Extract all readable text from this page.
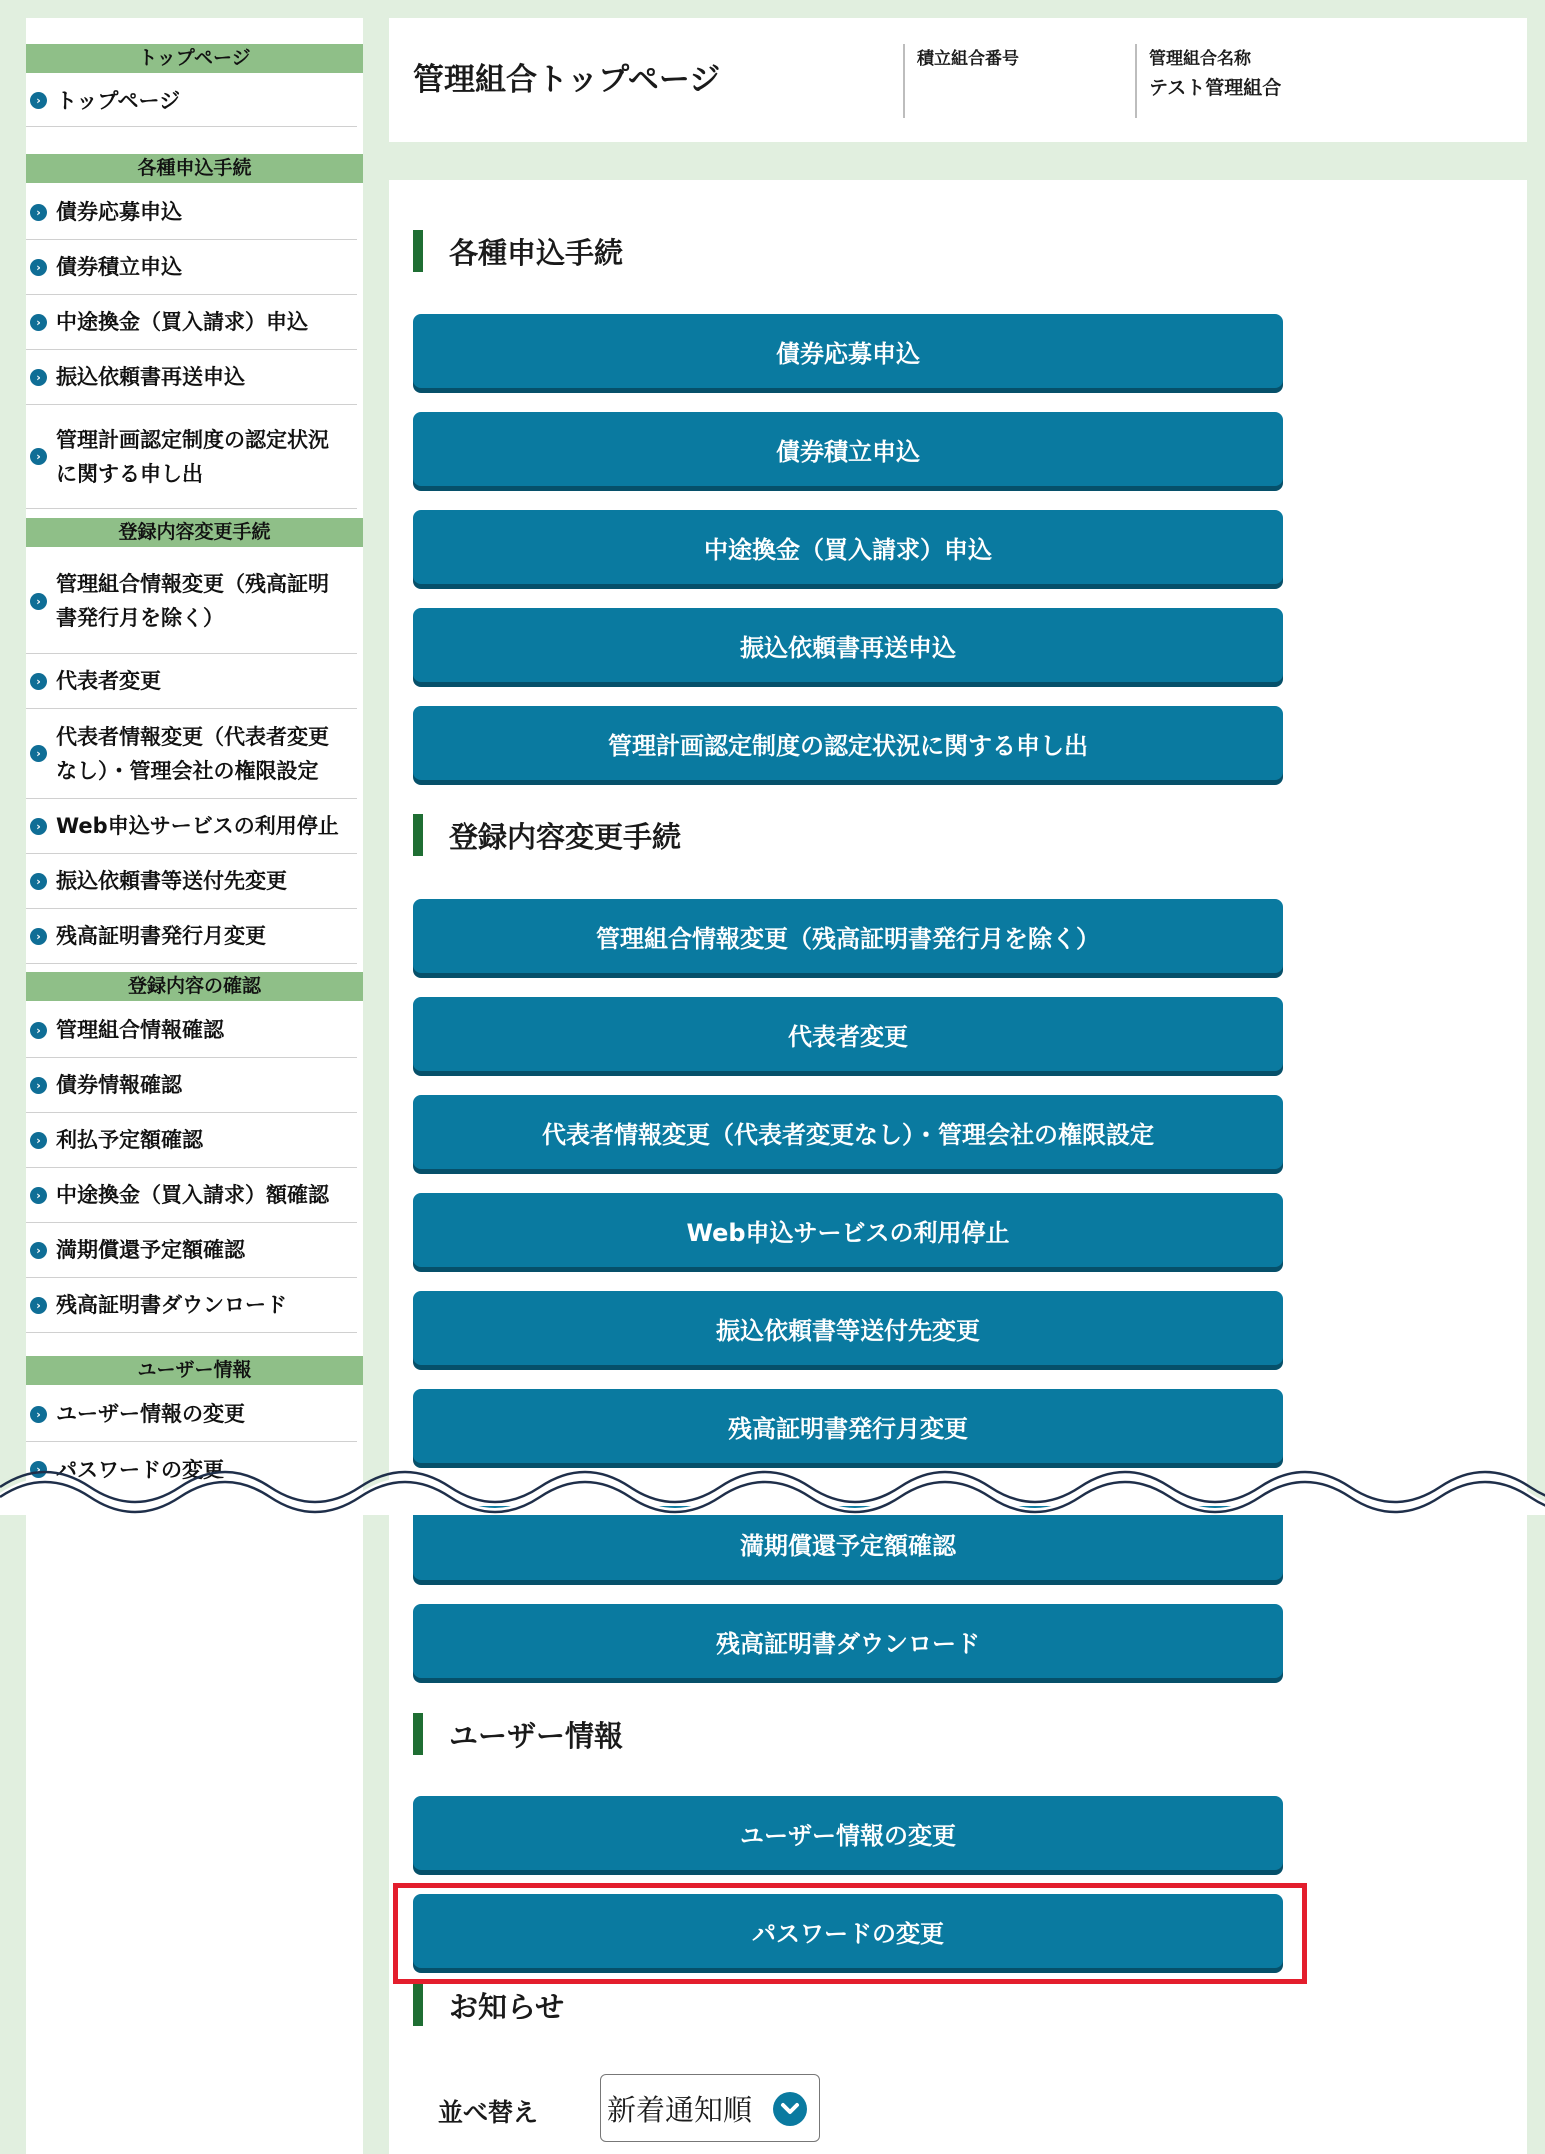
トップページ
› トップページ
各種申込手続
› 債券応募申込
› 債券積立申込
› 中途換金（買入請求）申込
› 振込依頼書再送申込
›
管理計画認定制度の認定状況
に関する申し出
登録内容変更手続
›
管理組合情報変更（残高証明
書発行月を除く）
› 代表者変更
›
代表者情報変更（代表者変更
なし）・管理会社の権限設定
› Web申込サービスの利用停止
› 振込依頼書等送付先変更
› 残高証明書発行月変更
登録内容の確認
› 管理組合情報確認
› 債券情報確認
› 利払予定額確認
› 中途換金（買入請求）額確認
› 満期償還予定額確認
› 残高証明書ダウンロード
ユーザー情報
› ユーザー情報の変更
› パスワードの変更
管理組合トップページ
積立組合番号	管理組合名称
テスト管理組合
各種申込手続
債券応募申込
債券積立申込
中途換金（買入請求）申込
振込依頼書再送申込
管理計画認定制度の認定状況に関する申し出
登録内容変更手続
管理組合情報変更（残高証明書発行月を除く）
代表者変更
代表者情報変更（代表者変更なし）・管理会社の権限設定
Web申込サービスの利用停止
振込依頼書等送付先変更
残高証明書発行月変更
満期償還予定額確認
残高証明書ダウンロード
ユーザー情報
ユーザー情報の変更
パスワードの変更
お知らせ
並べ替え 新着通知順
